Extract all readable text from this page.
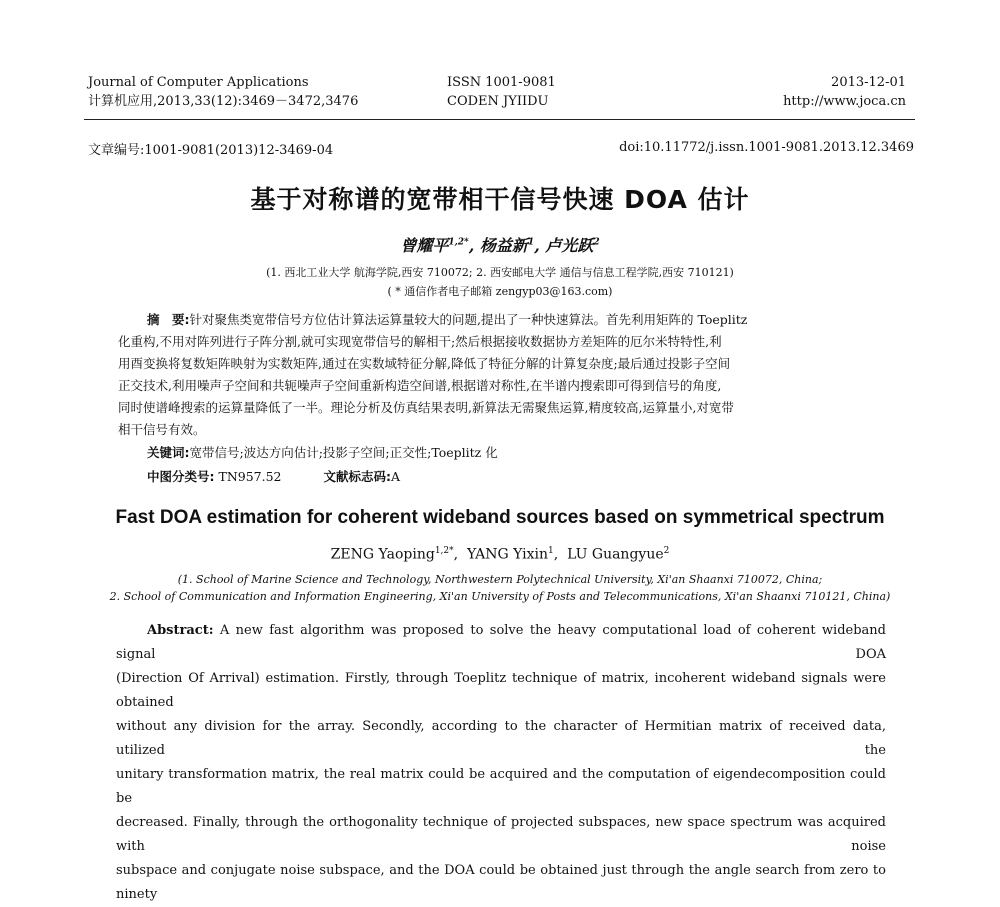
Journal of Computer Applications
计算机应用,2013,33(12):3469－3472,3476
ISSN 1001-9081
CODEN JYIIDU
2013-12-01
http://www.joca.cn
文章编号:1001-9081(2013)12-3469-04	doi:10.11772/j.issn.1001-9081.2013.12.3469
基于对称谱的宽带相干信号快速 DOA 估计
曾耀平$^{1,2*}$, 杨益新$^1$, 卢光跃$^2$
(1. 西北工业大学 航海学院,西安 710072; 2. 西安邮电大学 通信与信息工程学院,西安 710121)
( * 通信作者电子邮箱 zengyp03@163.com)
摘　要:针对聚焦类宽带信号方位估计算法运算量较大的问题,提出了一种快速算法。首先利用矩阵的 Toeplitz
化重构,不用对阵列进行子阵分割,就可实现宽带信号的解相干;然后根据接收数据协方差矩阵的厄尔米特特性,利
用酉变换将复数矩阵映射为实数矩阵,通过在实数域特征分解,降低了特征分解的计算复杂度;最后通过投影子空间
正交技术,利用噪声子空间和共轭噪声子空间重新构造空间谱,根据谱对称性,在半谱内搜索即可得到信号的角度,
同时使谱峰搜索的运算量降低了一半。理论分析及仿真结果表明,新算法无需聚焦运算,精度较高,运算量小,对宽带
相干信号有效。
关键词:宽带信号;波达方向估计;投影子空间;正交性;Toeplitz 化
中图分类号: TN957.52	文献标志码:A
Fast DOA estimation for coherent wideband sources based on symmetrical spectrum
ZENG Yaoping$^{1,2*}$,  YANG Yixin$^1$,  LU Guangyue$^2$
(1. School of Marine Science and Technology, Northwestern Polytechnical University, Xi'an Shaanxi 710072, China;
2. School of Communication and Information Engineering, Xi'an University of Posts and Telecommunications, Xi'an Shaanxi 710121, China)
Abstract: A new fast algorithm was proposed to solve the heavy computational load of coherent wideband signal DOA
(Direction Of Arrival) estimation. Firstly, through Toeplitz technique of matrix, incoherent wideband signals were obtained
without any division for the array. Secondly, according to the character of Hermitian matrix of received data, utilized the
unitary transformation matrix, the real matrix could be acquired and the computation of eigendecomposition could be
decreased. Finally, through the orthogonality technique of projected subspaces, new space spectrum was acquired with noise
subspace and conjugate noise subspace, and the DOA could be obtained just through the angle search from zero to ninety
